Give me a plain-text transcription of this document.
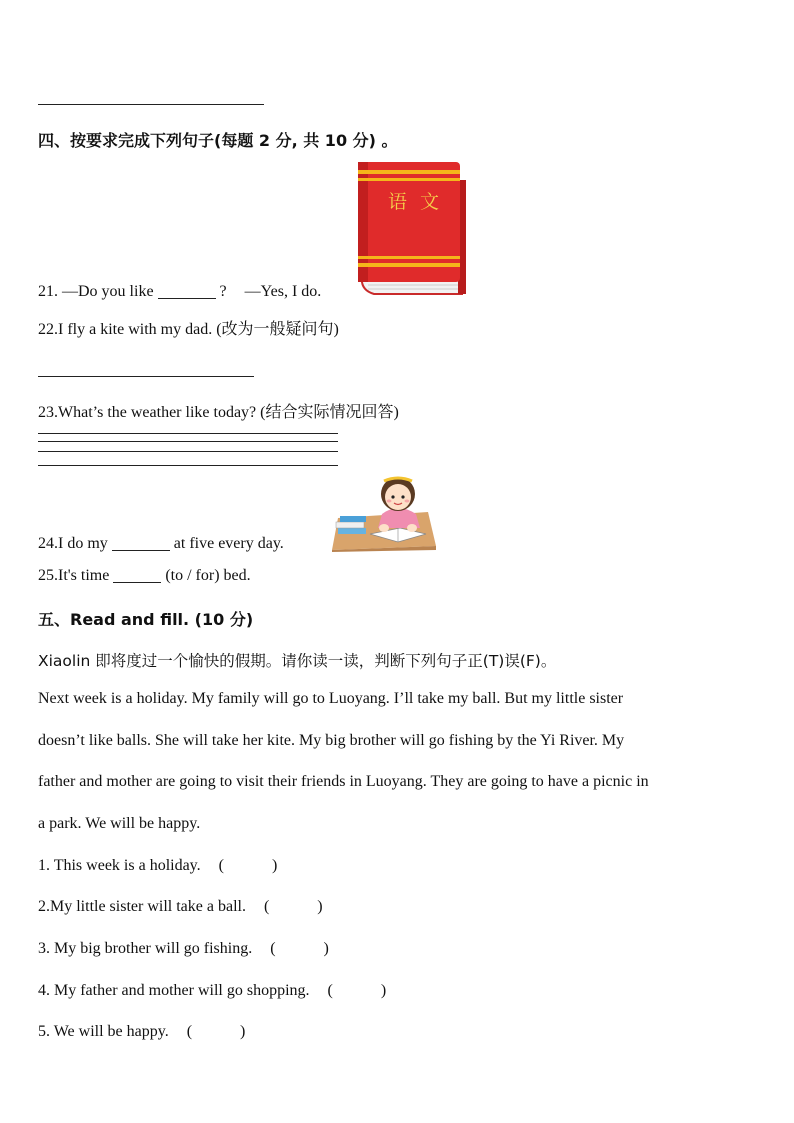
四、按要求完成下列句子(每题 2 分, 共 10 分) 。
语 文
21. —Do you like	? —Yes, I do.
22.I fly a kite with my dad. (改为一般疑问句)
23.What’s the weather like today? (结合实际情况回答)
24.I do my	at five every day.
25.It's time	(to / for) bed.
五、Read and fill. (10 分)
Xiaolin 即将度过一个愉快的假期。请你读一读，判断下列句子正(T)误(F)。
Next week is a holiday. My family will go to Luoyang. I’ll take my ball. But my little sister
doesn’t like balls. She will take her kite. My big brother will go fishing by the Yi River. My
father and mother are going to visit their friends in Luoyang. They are going to have a picnic in
a park. We will be happy.
1. This week is a holiday. (            )
2.My little sister will take a ball. (            )
3. My big brother will go fishing. (            )
4. My father and mother will go shopping. (            )
5. We will be happy. (            )
